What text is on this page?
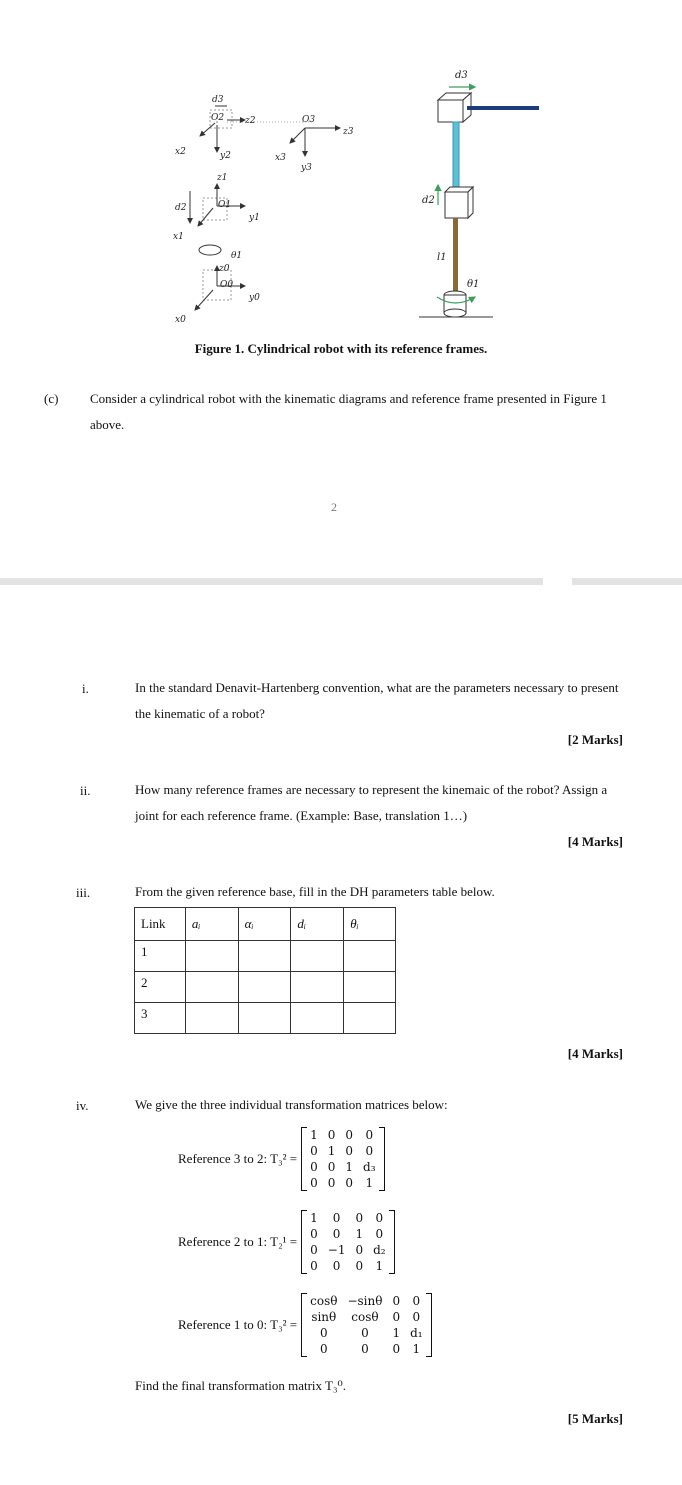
d3
O2 z2
x2	y2
O3
z3
x3
y3
z1
d2	O1
y1
x1
θ1
z0
O0
y0
x0
d3
d2
l1
θ1
Figure 1. Cylindrical robot with its reference frames.
(c) Consider a cylindrical robot with the kinematic diagrams and reference frame presented in Figure 1 above.
2
i.	In the standard Denavit-Hartenberg convention, what are the parameters necessary to present the kinematic of a robot?
[2 Marks]
ii.	How many reference frames are necessary to represent the kinemaic of the robot? Assign a joint for each reference frame. (Example: Base, translation 1…)
[4 Marks]
iii.	From the given reference base, fill in the DH parameters table below.
Link	aᵢ	αᵢ	dᵢ	θᵢ
1				
2				
3				
[4 Marks]
iv.	We give the three individual transformation matrices below:
Reference 3 to 2: T₃² =
1	0	0	0
0	1	0	0
0	0	1	d₃
0	0	0	1
Reference 2 to 1: T₂¹ =
1	0	0	0
0	0	1	0
0	−1	0	d₂
0	0	0	1
Reference 1 to 0: T₃² =
cosθ	−sinθ	0	0
sinθ	cosθ	0	0
0	0	1	d₁
0	0	0	1
Find the final transformation matrix T₃⁰.
[5 Marks]
